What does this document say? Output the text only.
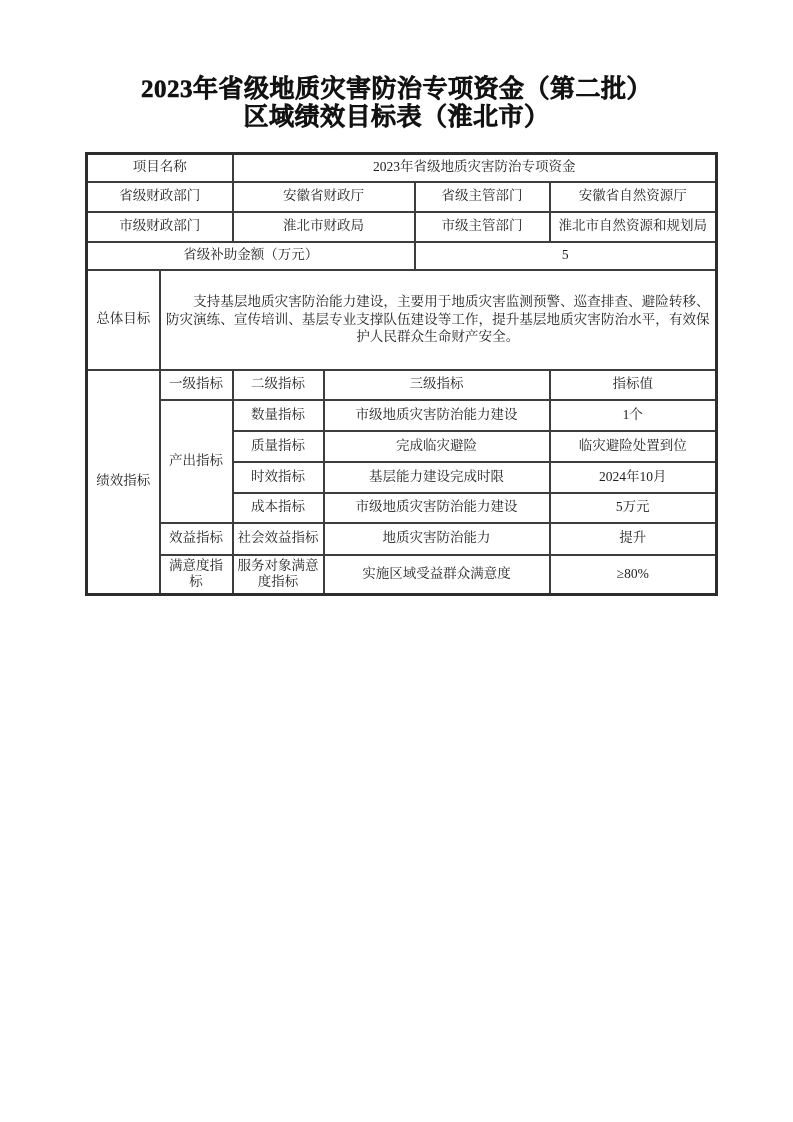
2023年省级地质灾害防治专项资金（第二批）
区域绩效目标表（淮北市）
项目名称		2023年省级地质灾害防治专项资金			
省级财政部门		安徽省财政厅		省级主管部门	安徽省自然资源厅
市级财政部门		淮北市财政局		市级主管部门	淮北市自然资源和规划局
省级补助金额（万元）				5	
总体目标	支持基层地质灾害防治能力建设，主要用于地质灾害监测预警、巡查排查、避险转移、防灾演练、宣传培训、基层专业支撑队伍建设等工作，提升基层地质灾害防治水平，有效保护人民群众生命财产安全。				

绩效指标	一级指标	二级指标	三级指标		指标值
	产出指标	数量指标	市级地质灾害防治能力建设		1个
		质量指标	完成临灾避险		临灾避险处置到位
		时效指标	基层能力建设完成时限		2024年10月
		成本指标	市级地质灾害防治能力建设		5万元
	效益指标	社会效益指标	地质灾害防治能力		提升
	满意度指标	服务对象满意度指标	实施区域受益群众满意度		≥80%
